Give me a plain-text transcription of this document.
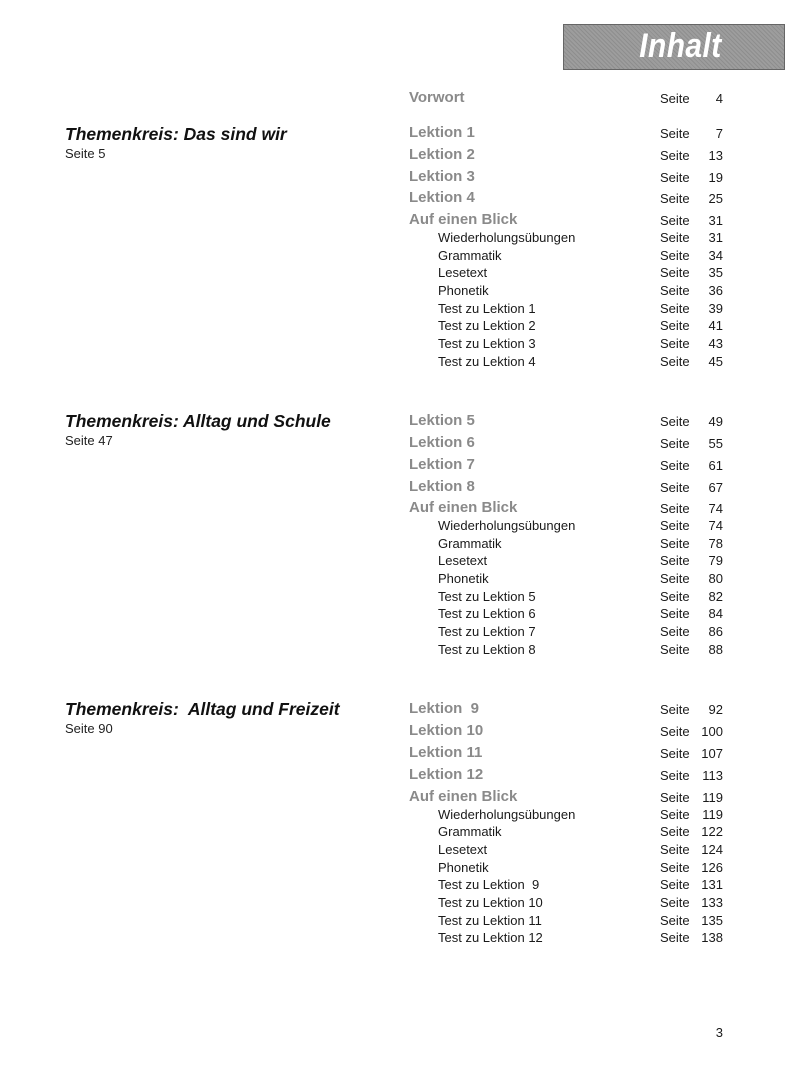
Inhalt
Vorwort	Seite 4
Themenkreis: Das sind wir
Seite 5
Lektion 1	Seite 7
Lektion 2	Seite 13
Lektion 3	Seite 19
Lektion 4	Seite 25
Auf einen Blick	Seite 31
Wiederholungsübungen	Seite 31
Grammatik	Seite 34
Lesetext	Seite 35
Phonetik	Seite 36
Test zu Lektion 1	Seite 39
Test zu Lektion 2	Seite 41
Test zu Lektion 3	Seite 43
Test zu Lektion 4	Seite 45
Themenkreis: Alltag und Schule
Seite 47
Lektion 5	Seite 49
Lektion 6	Seite 55
Lektion 7	Seite 61
Lektion 8	Seite 67
Auf einen Blick	Seite 74
Wiederholungsübungen	Seite 74
Grammatik	Seite 78
Lesetext	Seite 79
Phonetik	Seite 80
Test zu Lektion 5	Seite 82
Test zu Lektion 6	Seite 84
Test zu Lektion 7	Seite 86
Test zu Lektion 8	Seite 88
Themenkreis:  Alltag und Freizeit
Seite 90
Lektion  9	Seite 92
Lektion 10	Seite 100
Lektion 11	Seite 107
Lektion 12	Seite 113
Auf einen Blick	Seite 119
Wiederholungsübungen	Seite 119
Grammatik	Seite 122
Lesetext	Seite 124
Phonetik	Seite 126
Test zu Lektion  9	Seite 131
Test zu Lektion 10	Seite 133
Test zu Lektion 11	Seite 135
Test zu Lektion 12	Seite 138
3
